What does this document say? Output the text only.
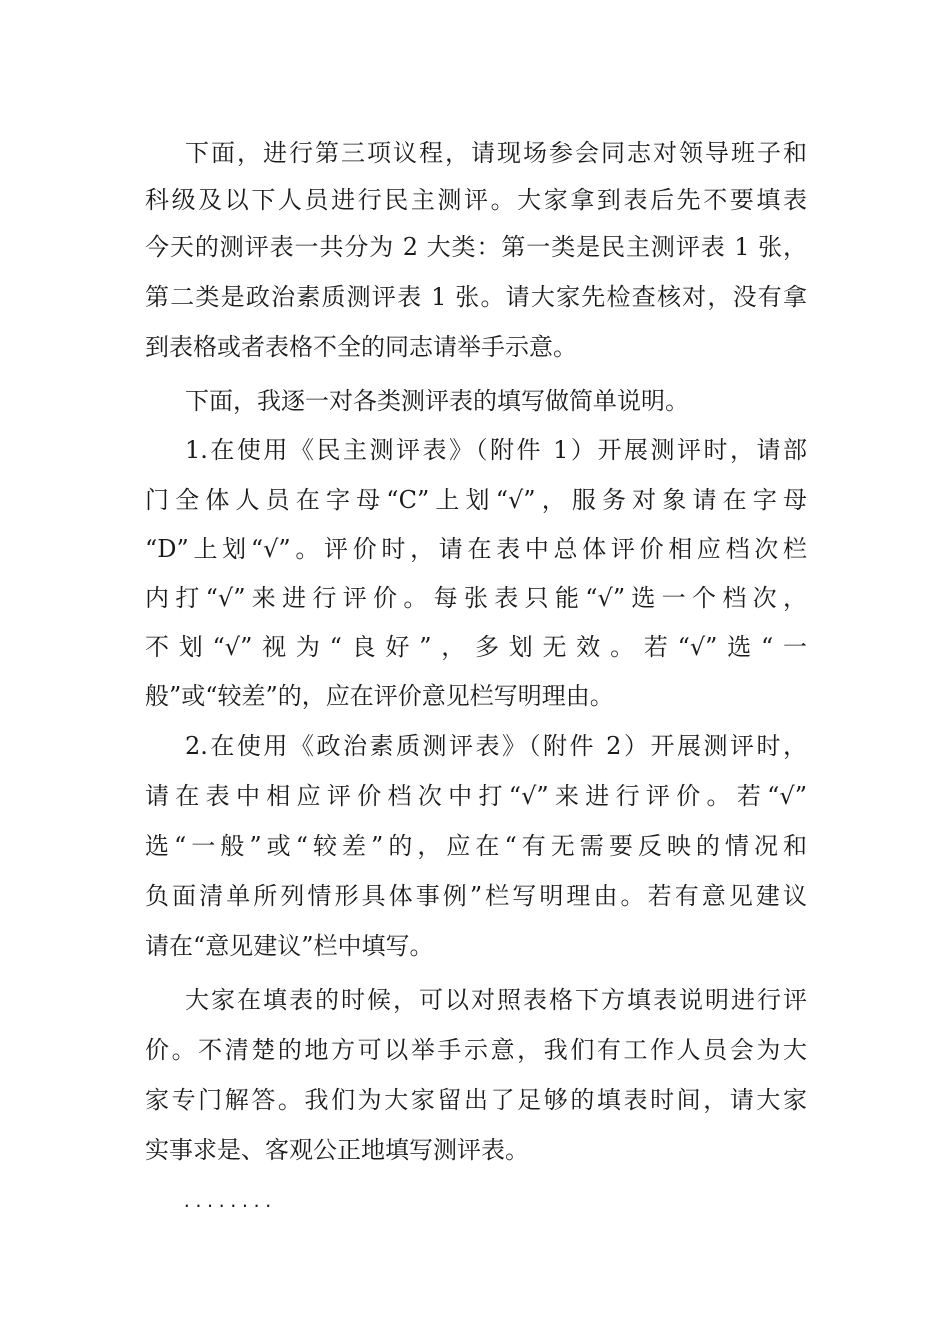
下面，进行第三项议程，请现场参会同志对领导班子和
科级及以下人员进行民主测评。大家拿到表后先不要填表
今天的测评表一共分为 2 大类：第一类是民主测评表 1 张，
第二类是政治素质测评表 1 张。请大家先检查核对，没有拿
到表格或者表格不全的同志请举手示意。
下面，我逐一对各类测评表的填写做简单说明。
1.在使用《民主测评表》（附件 1）开展测评时，请部
门全体人员在字母“C”上划“√”，服务对象请在字母
“D”上划“√”。评价时，请在表中总体评价相应档次栏
内打“√”来进行评价。每张表只能“√”选一个档次，
不划“√”视为“良好”，多划无效。若“√”选“一
般”或“较差”的，应在评价意见栏写明理由。
2.在使用《政治素质测评表》（附件 2）开展测评时，
请在表中相应评价档次中打“√”来进行评价。若“√”
选“一般”或“较差”的，应在“有无需要反映的情况和
负面清单所列情形具体事例”栏写明理由。若有意见建议
请在“意见建议”栏中填写。
大家在填表的时候，可以对照表格下方填表说明进行评
价。不清楚的地方可以举手示意，我们有工作人员会为大
家专门解答。我们为大家留出了足够的填表时间，请大家
实事求是、客观公正地填写测评表。
........
